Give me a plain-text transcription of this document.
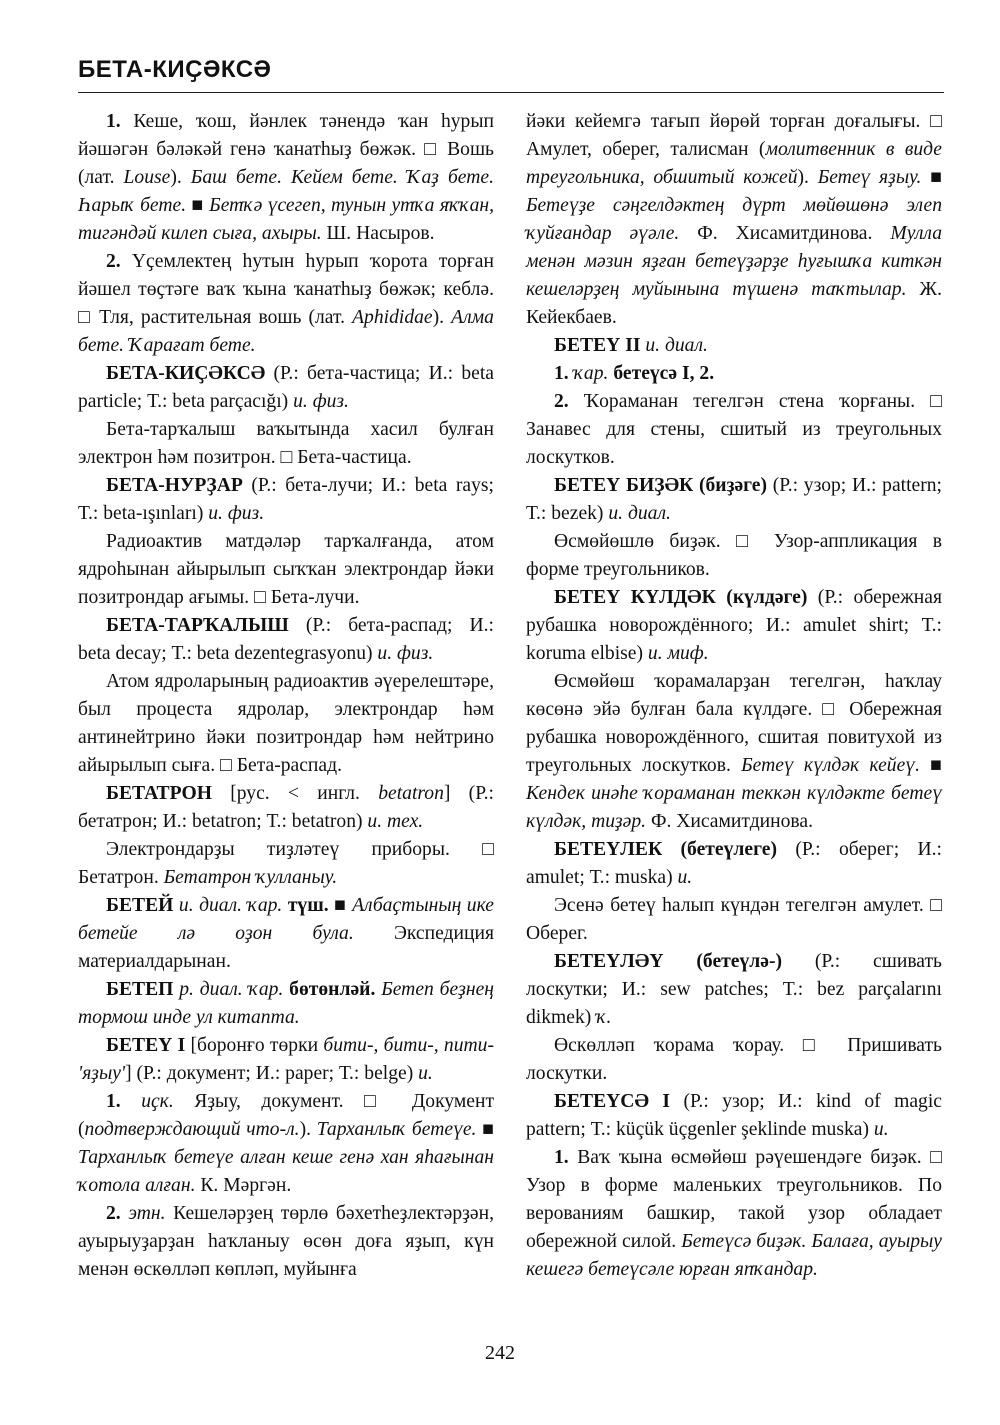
БЕТА-КИҪӘКСӘ

1. Кеше, ҡош, йәнлек тәнендә ҡан һурып йәшәгән бәләкәй генә ҡанатһыҙ бөжәк. □ Вошь (лат. Louse). Баш бете. Кейем бете. Ҡаҙ бете. Һарыҡ бете. ■ Бетҡә үсегеп, тунын утҡа яҡҡан, тигәндәй килеп сыға, ахыры. Ш. Насыров.

2. Үҫемлектең һутын һурып ҡорота торған йәшел төҫтәге ваҡ ҡына ҡанатһыҙ бөжәк; кеблә. □ Тля, растительная вошь (лат. Aphididae). Алма бете. Ҡарағат бете.

БЕТА-КИҪӘКСӘ (Р.: бета-частица; И.: beta particle; Т.: beta parçacığı) и. физ.

Бета-тарҡалыш ваҡытында хасил булған электрон һәм позитрон. □ Бета-частица.

БЕТА-НУРҘАР (Р.: бета-лучи; И.: beta rays; Т.: beta-ışınları) и. физ.

Радиоактив матдәләр тарҡалғанда, атом ядроһынан айырылып сыҡҡан электрондар йәки позитрондар ағымы. □ Бета-лучи.

БЕТА-ТАРҠАЛЫШ (Р.: бета-распад; И.: beta decay; Т.: beta dezentegrasyonu) и. физ.

Атом ядроларының радиоактив әүерелештәре, был процеста ядролар, электрондар һәм антинейтрино йәки позитрондар һәм нейтрино айырылып сыға. □ Бета-распад.

БЕТАТРОН [рус. < ингл. betatron] (Р.: бетатрон; И.: betatron; Т.: betatron) и. тех.

Электрондарҙы тиҙләтеү приборы. □ Бетатрон. Бетатрон ҡулланыу.

БЕТЕЙ и. диал. ҡар. түш. ■ Албаҫтының ике бетейе лә оҙон була. Экспедиция материалдарынан.

БЕТЕП р. диал. ҡар. бөтөнләй. Бетеп беҙнең тормош инде ул китапта.

БЕТЕҮ I [боронғо төрки бити-, бити-, пити- 'яҙыу'] (Р.: документ; И.: paper; Т.: belge) и.

1. иҫк. Яҙыу, документ. □ Документ (подтверждающий что-л.). Тарханлыҡ бетеүе. ■ Тарханлыҡ бетеүе алған кеше генә хан яһағынан ҡотола алған. К. Мәргән.

2. этн. Кешеләрҙең төрлө бәхетһеҙлектәрҙән, ауырыуҙарҙан һаҡланыу өсөн доға яҙып, күн менән өскөлләп көпләп, муйынға

йәки кейемгә тағып йөрөй торған доғалығы. □ Амулет, оберег, талисман (молитвенник в виде треугольника, обшитый кожей). Бетеү яҙыу. ■ Бетеүҙе сәңгелдәктең дүрт мөйөшөнә элеп ҡуйғандар әүәле. Ф. Хисамитдинова. Мулла менән мәзин яҙған бетеүҙәрҙе һуғышҡа киткән кешеләрҙең муйынына түшенә таҡтылар. Ж. Кейекбаев.

БЕТЕҮ II и. диал.

1. ҡар. бетеүсә I, 2.

2. Ҡораманан тегелгән стена ҡорғаны. □ Занавес для стены, сшитый из треугольных лоскутков.

БЕТЕҮ БИҘӘК (биҙәге) (Р.: узор; И.: pattern; Т.: bezek) и. диал.

Өсмөйөшлө биҙәк. □ Узор-аппликация в форме треугольников.

БЕТЕҮ КҮЛДӘК (күлдәге) (Р.: обережная рубашка новорождённого; И.: amulet shirt; Т.: koruma elbise) и. миф.

Өсмөйөш ҡорамаларҙан тегелгән, һаҡлау көсөнә эйә булған бала күлдәге. □ Обережная рубашка новорождённого, сшитая повитухой из треугольных лоскутков. Бетеү күлдәк кейеү. ■ Кендек инәһе ҡораманан теккән күлдәкте бетеү күлдәк, тиҙәр. Ф. Хисамитдинова.

БЕТЕҮЛЕК (бетеүлеге) (Р.: оберег; И.: amulet; Т.: muska) и.

Эсенә бетеү һалып күндән тегелгән амулет. □ Оберег.

БЕТЕҮЛӘҮ (бетеүлә-) (Р.: сшивать лоскутки; И.: sew patches; Т.: bez parçalarını dikmek) ҡ.

Өскөлләп ҡорама ҡорау. □ Пришивать лоскутки.

БЕТЕҮСӘ I (Р.: узор; И.: kind of magic pattern; Т.: küçük üçgenler şeklinde muska) и.

1. Ваҡ ҡына өсмөйөш рәүешендәге биҙәк. □ Узор в форме маленьких треугольников. По верованиям башкир, такой узор обладает обережной силой. Бетеүсә биҙәк. Балаға, ауырыу кешегә бетеүсәле юрған япҡандар.

242
